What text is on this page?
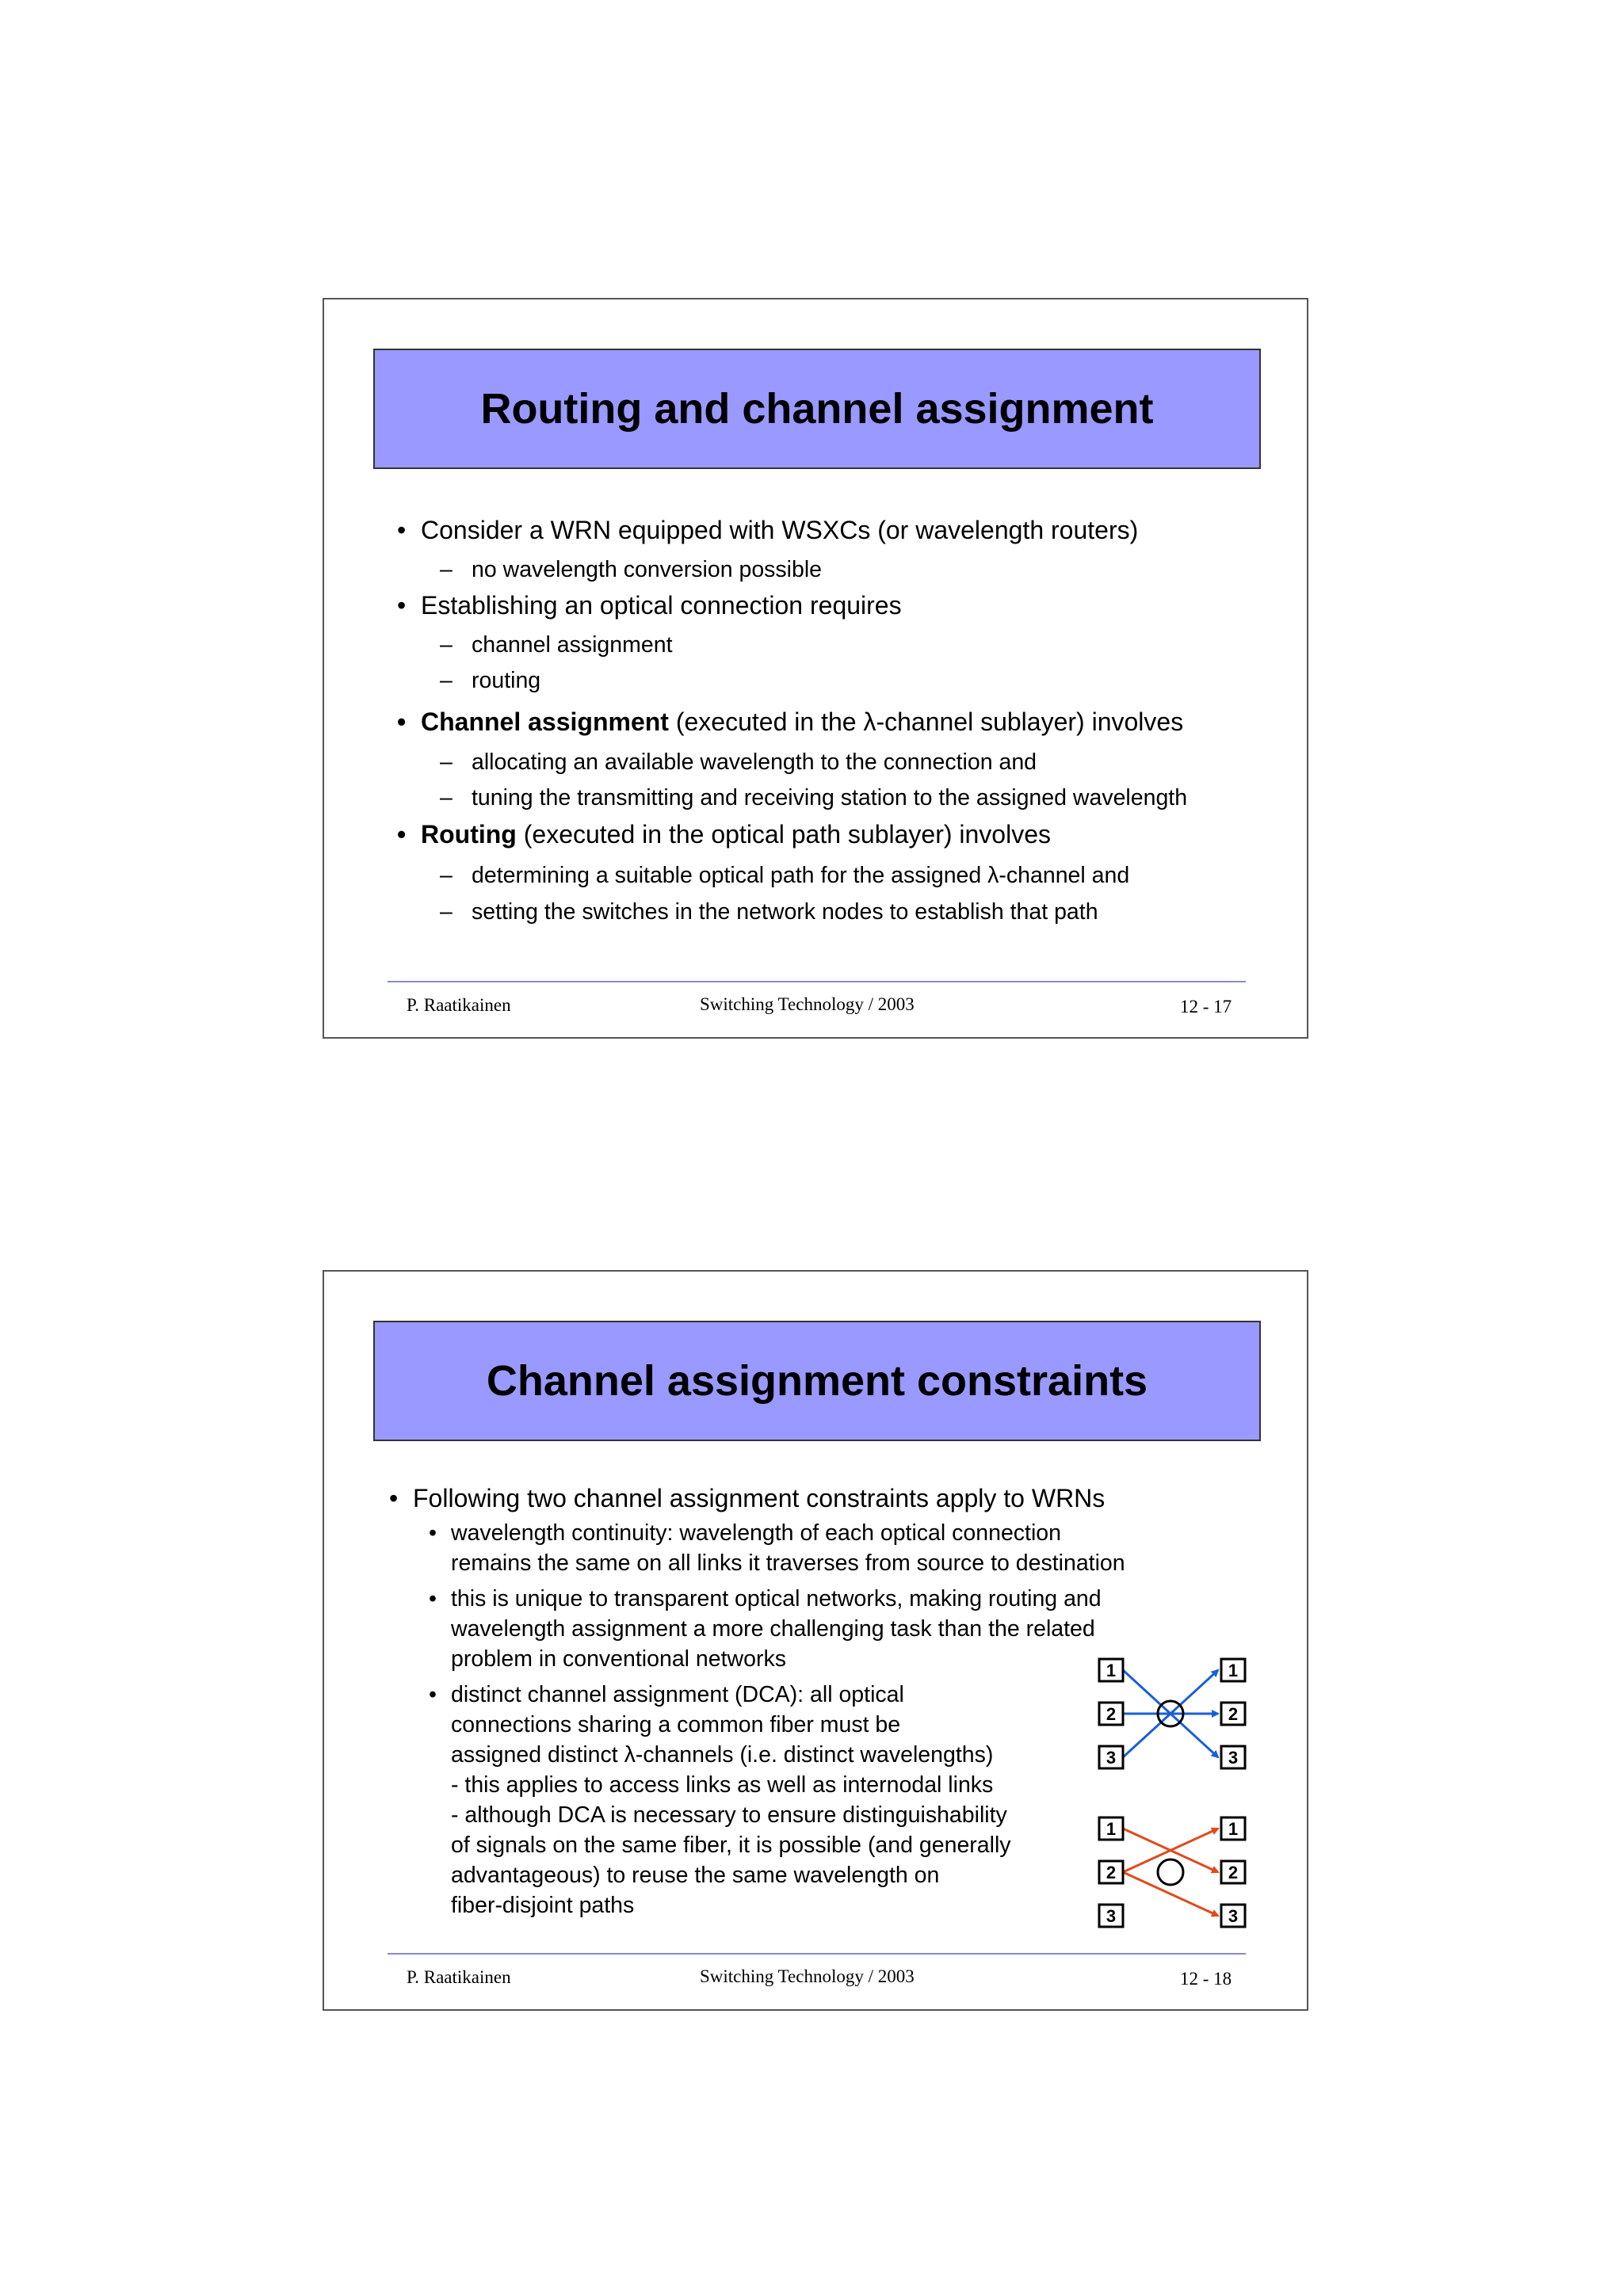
Routing and channel assignment
• Consider a WRN equipped with WSXCs (or wavelength routers)
– no wavelength conversion possible
• Establishing an optical connection requires
– channel assignment
– routing
• Channel assignment (executed in the λ-channel sublayer) involves
– allocating an available wavelength to the connection and
– tuning the transmitting and receiving station to the assigned wavelength
• Routing (executed in the optical path sublayer) involves
– determining a suitable optical path for the assigned λ-channel and
– setting the switches in the network nodes to establish that path
P. Raatikainen	Switching Technology / 2003	12 - 17
Channel assignment constraints
• Following two channel assignment constraints apply to WRNs
• wavelength continuity: wavelength of each optical connection
remains the same on all links it traverses from source to destination
• this is unique to transparent optical networks, making routing and
wavelength assignment a more challenging task than the related
problem in conventional networks
• distinct channel assignment (DCA): all optical
connections sharing a common fiber must be
assigned distinct λ-channels (i.e. distinct wavelengths)
- this applies to access links as well as internodal links
- although DCA is necessary to ensure distinguishability
of signals on the same fiber, it is possible (and generally
advantageous) to reuse the same wavelength on
fiber-disjoint paths
1
2
3
1
2
3
1
2
3
1
2
3
P. Raatikainen	Switching Technology / 2003	12 - 18
